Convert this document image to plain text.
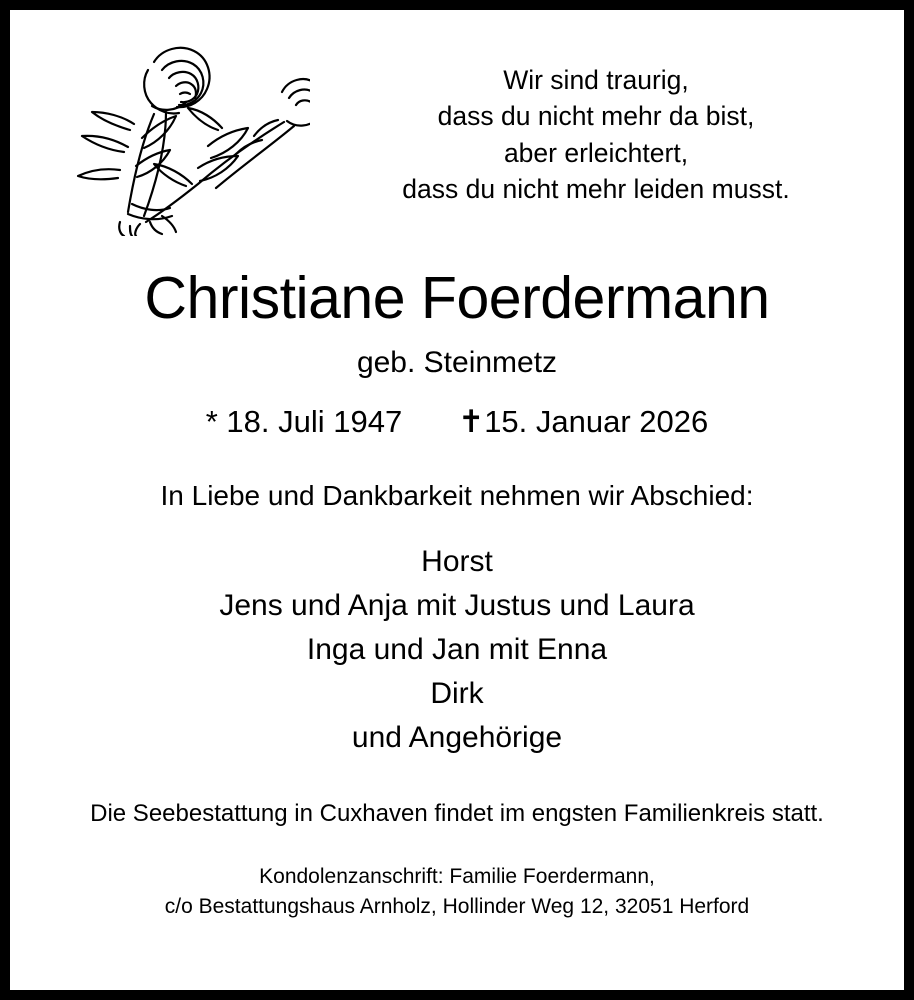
Wir sind traurig,
dass du nicht mehr da bist,
aber erleichtert,
dass du nicht mehr leiden musst.
Christiane Foerdermann
geb. Steinmetz
* 18. Juli 1947 ✝15. Januar 2026
In Liebe und Dankbarkeit nehmen wir Abschied:
Horst
Jens und Anja mit Justus und Laura
Inga und Jan mit Enna
Dirk
und Angehörige
Die Seebestattung in Cuxhaven findet im engsten Familienkreis statt.
Kondolenzanschrift: Familie Foerdermann,
c/o Bestattungshaus Arnholz, Hollinder Weg 12, 32051 Herford
